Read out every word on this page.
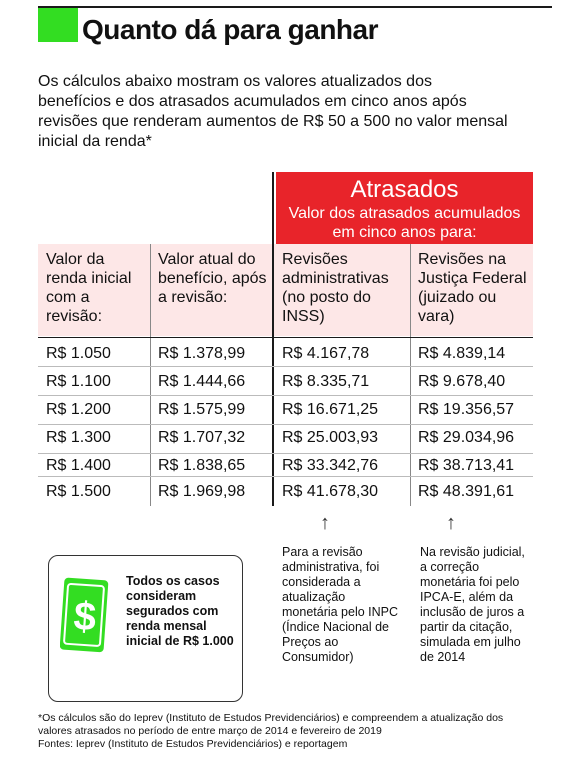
Quanto dá para ganhar
Os cálculos abaixo mostram os valores atualizados dos benefícios e dos atrasados acumulados em cinco anos após revisões que renderam aumentos de R$ 50 a 500 no valor mensal inicial da renda*
Atrasados
Valor dos atrasados acumulados em cinco anos para:
Valor da renda inicial com a revisão:
Valor atual do benefício, após a revisão:
Revisões administrativas (no posto do INSS)
Revisões na Justiça Federal (juizado ou vara)
R$ 1.050	R$ 1.378,99 R$ 4.167,78	R$ 4.839,14
R$ 1.100	R$ 1.444,66 R$ 8.335,71	R$ 9.678,40
R$ 1.200	R$ 1.575,99 R$ 16.671,25 R$ 19.356,57
R$ 1.300	R$ 1.707,32 R$ 25.003,93 R$ 29.034,96
R$ 1.400	R$ 1.838,65 R$ 33.342,76 R$ 38.713,41
R$ 1.500	R$ 1.969,98 R$ 41.678,30 R$ 48.391,61
↑	↑
Para a revisão administrativa, foi considerada a atualização monetária pelo INPC (Índice Nacional de Preços ao Consumidor)
Na revisão judicial, a correção monetária foi pelo IPCA-E, além da inclusão de juros a partir da citação, simulada em julho de 2014
$
Todos os casos consideram segurados com renda mensal inicial de R$ 1.000
*Os cálculos são do Ieprev (Instituto de Estudos Previdenciários) e compreendem a atualização dos valores atrasados no período de entre março de 2014 e fevereiro de 2019
Fontes: Ieprev (Instituto de Estudos Previdenciários) e reportagem
